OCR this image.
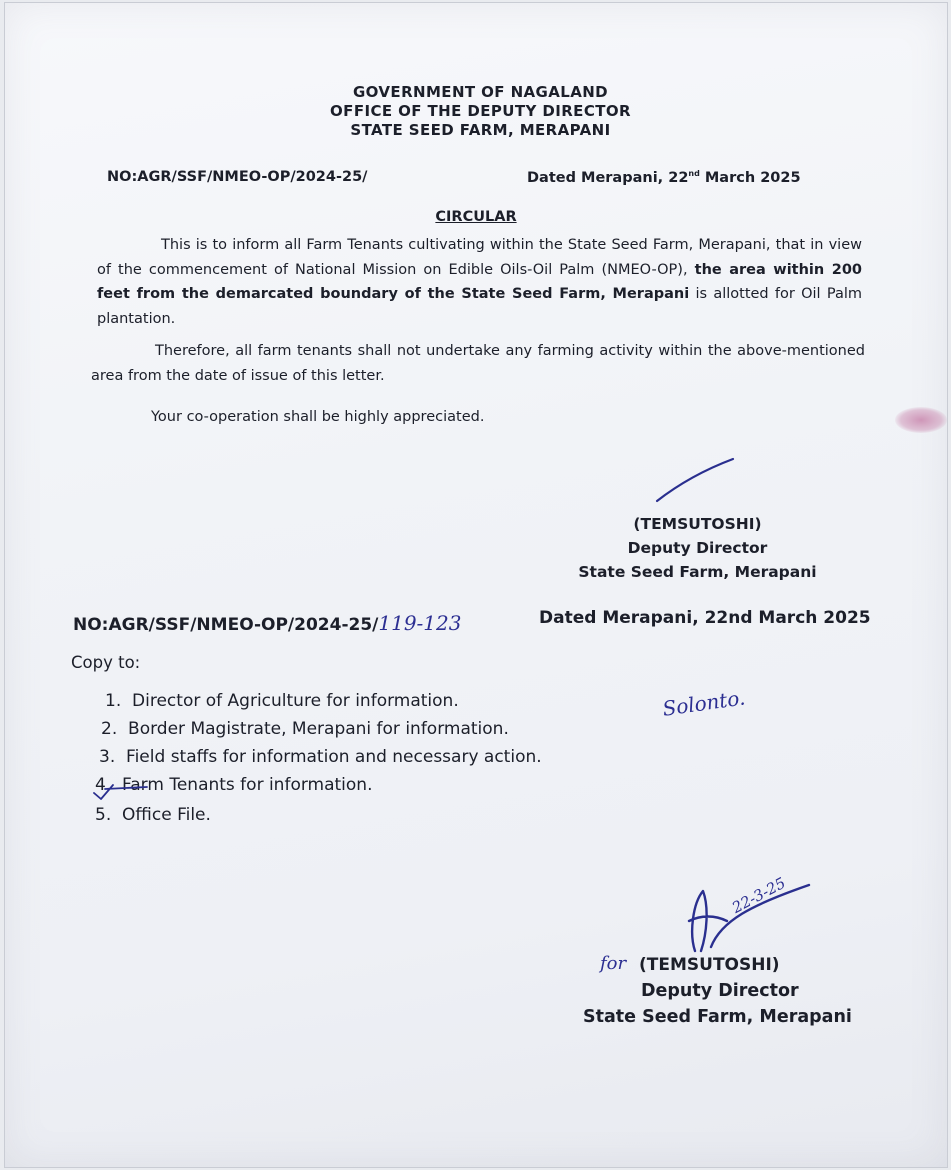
GOVERNMENT OF NAGALAND
OFFICE OF THE DEPUTY DIRECTOR
STATE SEED FARM, MERAPANI
NO:AGR/SSF/NMEO-OP/2024-25/	Dated Merapani, 22nd March 2025
CIRCULAR
This is to inform all Farm Tenants cultivating within the State Seed Farm, Merapani, that in view of the commencement of National Mission on Edible Oils-Oil Palm (NMEO-OP), the area within 200 feet from the demarcated boundary of the State Seed Farm, Merapani is allotted for Oil Palm plantation.
Therefore, all farm tenants shall not undertake any farming activity within the above-mentioned area from the date of issue of this letter.
Your co-operation shall be highly appreciated.
(TEMSUTOSHI)
Deputy Director
State Seed Farm, Merapani
NO:AGR/SSF/NMEO-OP/2024-25/119-123	Dated Merapani, 22nd March 2025
Copy to:
1. Director of Agriculture for information.
2. Border Magistrate, Merapani for information.
3. Field staffs for information and necessary action.
4. Farm Tenants for information.
5. Office File.
Solonto.
22-3-25
for (TEMSUTOSHI)
Deputy Director
State Seed Farm, Merapani
